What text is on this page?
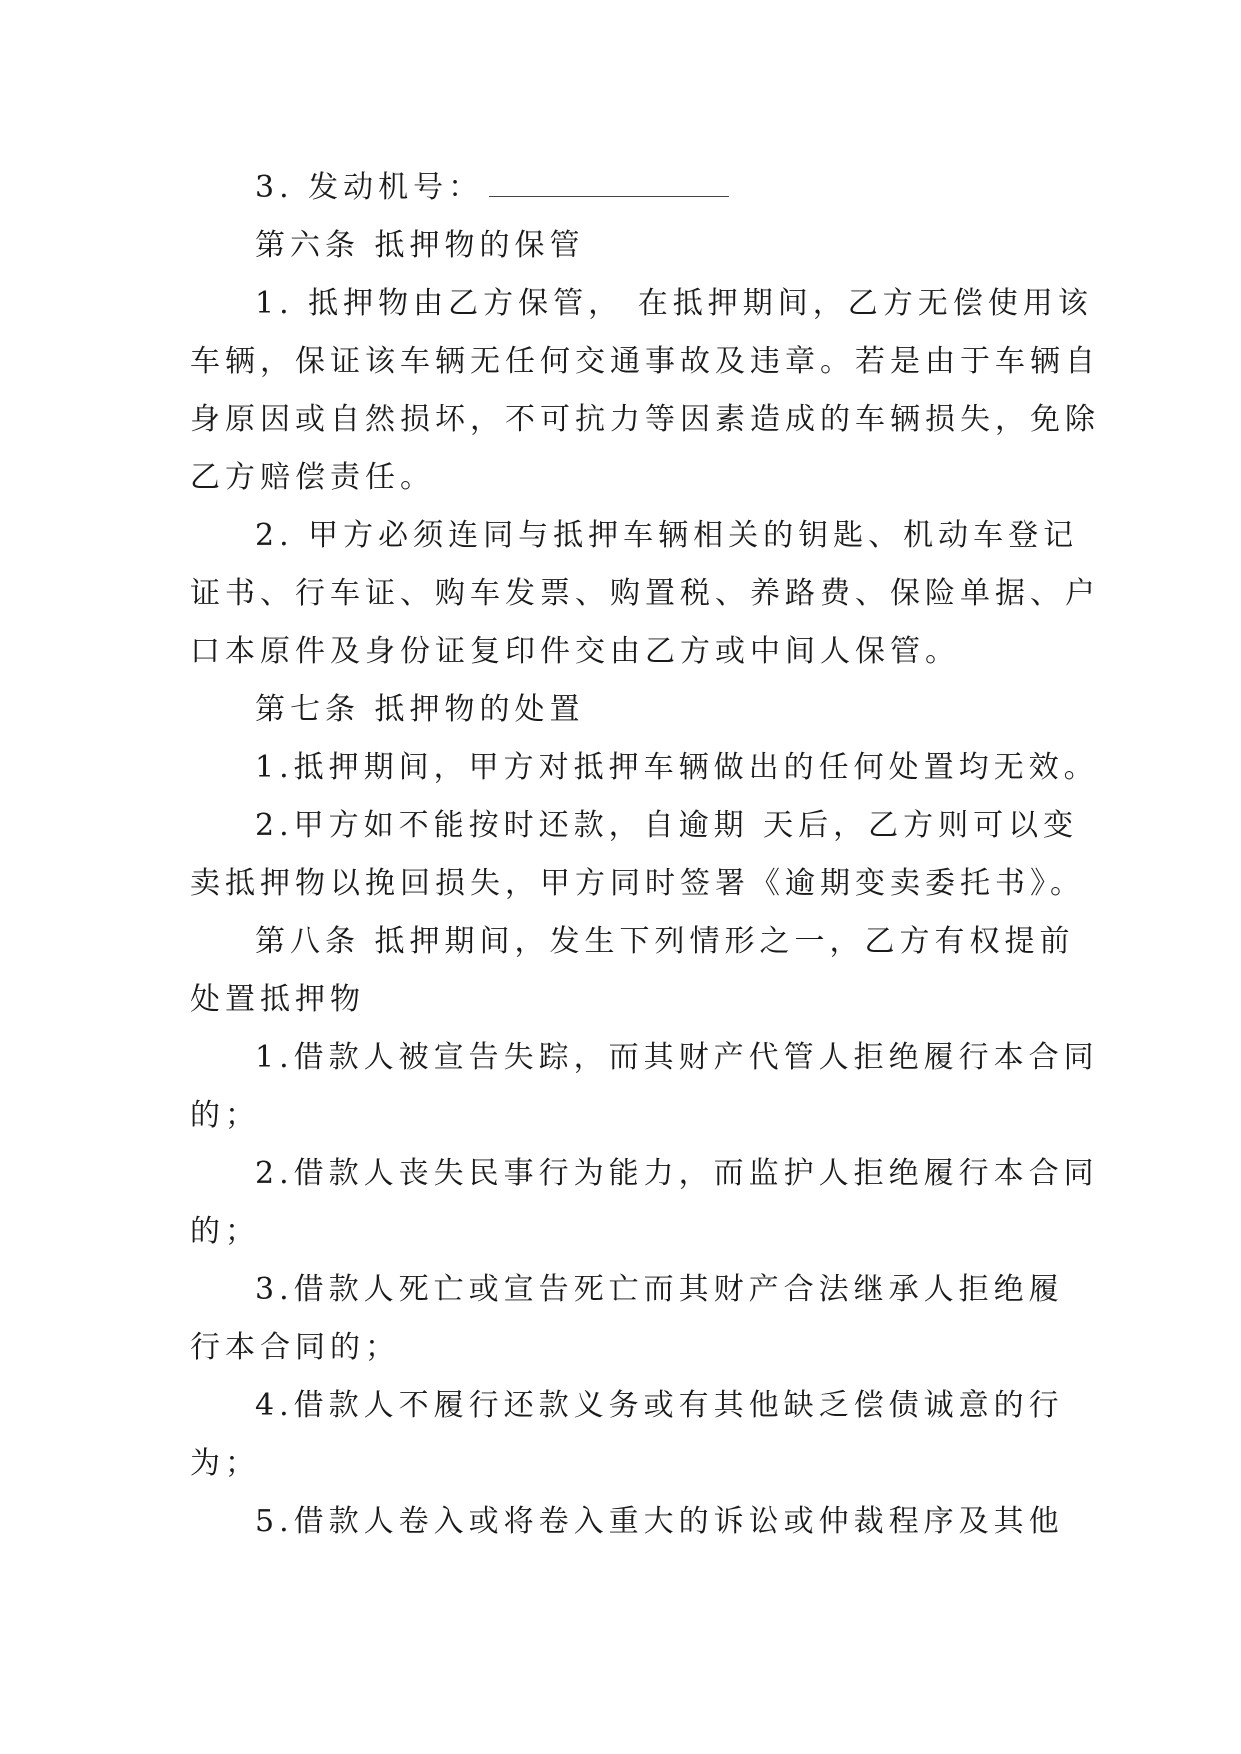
3. 发动机号：
第六条 抵押物的保管
1. 抵押物由乙方保管， 在抵押期间，乙方无偿使用该
车辆，保证该车辆无任何交通事故及违章。若是由于车辆自
身原因或自然损坏，不可抗力等因素造成的车辆损失，免除
乙方赔偿责任。
2. 甲方必须连同与抵押车辆相关的钥匙、机动车登记
证书、行车证、购车发票、购置税、养路费、保险单据、户
口本原件及身份证复印件交由乙方或中间人保管。
第七条 抵押物的处置
1.抵押期间，甲方对抵押车辆做出的任何处置均无效。
2.甲方如不能按时还款，自逾期 天后，乙方则可以变
卖抵押物以挽回损失，甲方同时签署《逾期变卖委托书》。
第八条 抵押期间，发生下列情形之一，乙方有权提前
处置抵押物
1.借款人被宣告失踪，而其财产代管人拒绝履行本合同
的；
2.借款人丧失民事行为能力，而监护人拒绝履行本合同
的；
3.借款人死亡或宣告死亡而其财产合法继承人拒绝履
行本合同的；
4.借款人不履行还款义务或有其他缺乏偿债诚意的行
为；
5.借款人卷入或将卷入重大的诉讼或仲裁程序及其他
